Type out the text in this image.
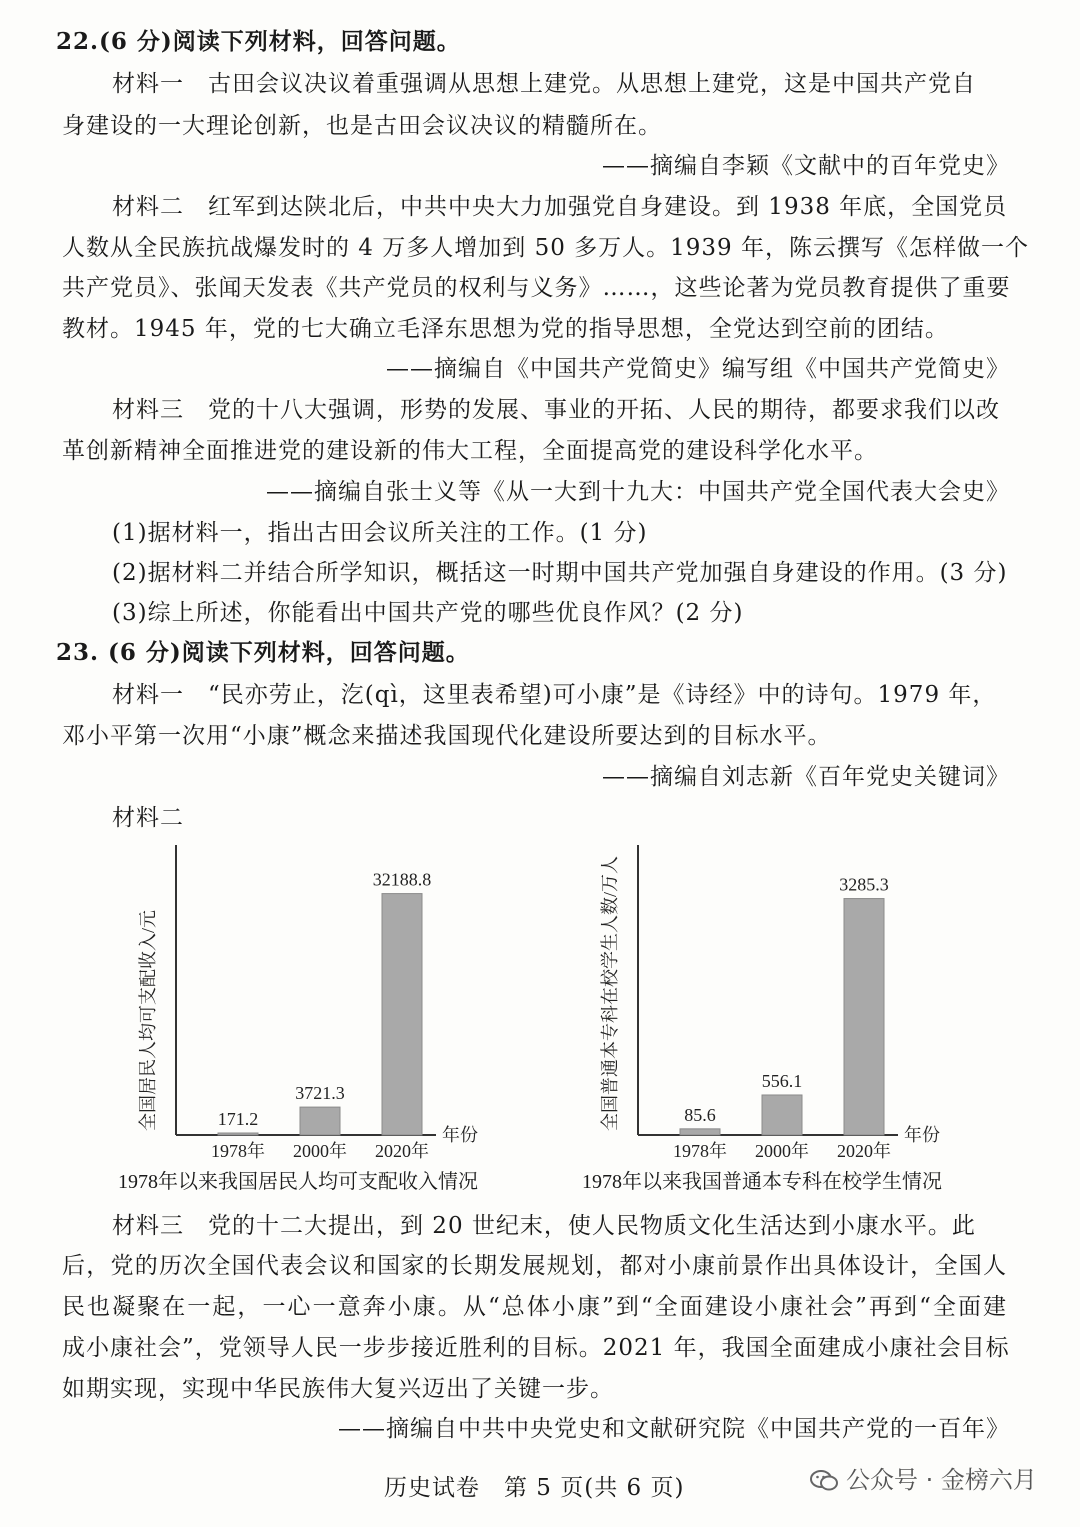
22.(6 分)阅读下列材料，回答问题。
材料一　古田会议决议着重强调从思想上建党。从思想上建党，这是中国共产党自
身建设的一大理论创新，也是古田会议决议的精髓所在。
——摘编自李颖《文献中的百年党史》
材料二　红军到达陕北后，中共中央大力加强党自身建设。到 1938 年底，全国党员
人数从全民族抗战爆发时的 4 万多人增加到 50 多万人。1939 年，陈云撰写《怎样做一个
共产党员》、张闻天发表《共产党员的权利与义务》……，这些论著为党员教育提供了重要
教材。1945 年，党的七大确立毛泽东思想为党的指导思想，全党达到空前的团结。
——摘编自《中国共产党简史》编写组《中国共产党简史》
材料三　党的十八大强调，形势的发展、事业的开拓、人民的期待，都要求我们以改
革创新精神全面推进党的建设新的伟大工程，全面提高党的建设科学化水平。
——摘编自张士义等《从一大到十九大：中国共产党全国代表大会史》
(1)据材料一，指出古田会议所关注的工作。(1 分)
(2)据材料二并结合所学知识，概括这一时期中国共产党加强自身建设的作用。(3 分)
(3)综上所述，你能看出中国共产党的哪些优良作风？(2 分)
23. (6 分)阅读下列材料，回答问题。
材料一　“民亦劳止，汔(qì，这里表希望)可小康”是《诗经》中的诗句。1979 年，
邓小平第一次用“小康”概念来描述我国现代化建设所要达到的目标水平。
——摘编自刘志新《百年党史关键词》
材料二
全国居民人均可支配收入/元
年份
171.2
1978年
3721.3
2000年
32188.8
2020年
1978年以来我国居民人均可支配收入情况
全国普通本专科在校学生人数/万人
年份
85.6
1978年
556.1
2000年
3285.3
2020年
1978年以来我国普通本专科在校学生情况
材料三　党的十二大提出，到 20 世纪末，使人民物质文化生活达到小康水平。此
后，党的历次全国代表会议和国家的长期发展规划，都对小康前景作出具体设计，全国人
民也凝聚在一起，一心一意奔小康。从“总体小康”到“全面建设小康社会”再到“全面建
成小康社会”，党领导人民一步步接近胜利的目标。2021 年，我国全面建成小康社会目标
如期实现，实现中华民族伟大复兴迈出了关键一步。
——摘编自中共中央党史和文献研究院《中国共产党的一百年》
历史试卷　第 5 页(共 6 页)	公众号 · 金榜六月
